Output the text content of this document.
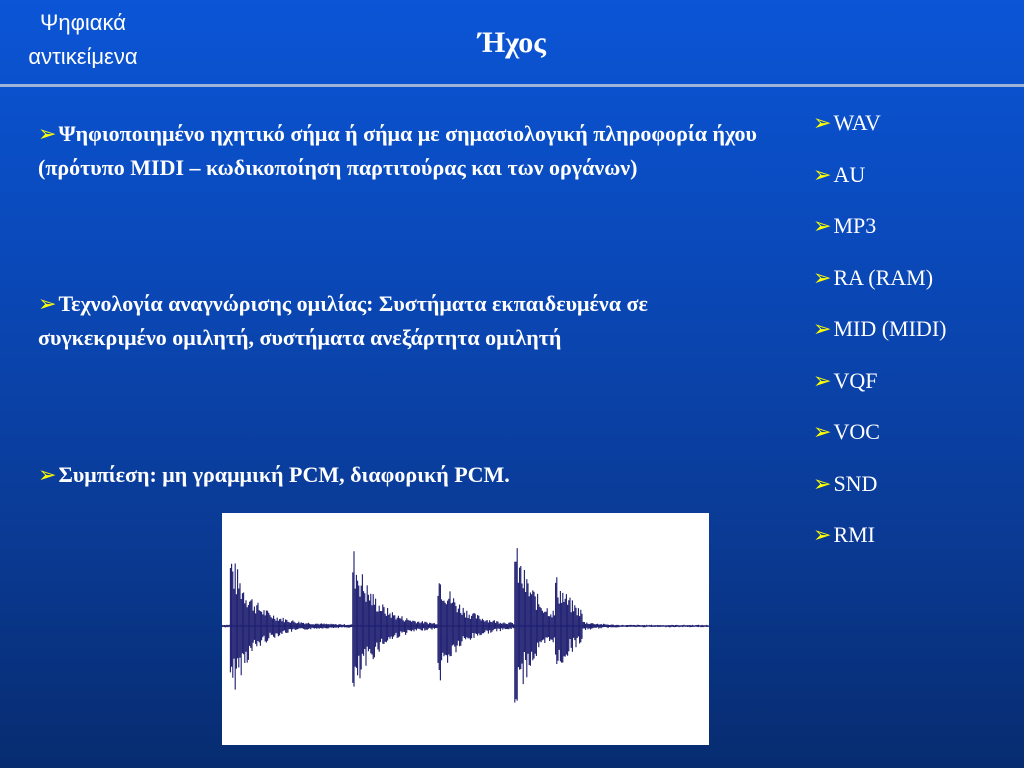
Ψηφιακά
αντικείμενα	Ήχος
➢Ψηφιοποιημένο ηχητικό σήμα ή σήμα με σημασιολογική πληροφορία ήχου (πρότυπο MIDI – κωδικοποίηση παρτιτούρας και των οργάνων)
➢Τεχνολογία αναγνώρισης ομιλίας: Συστήματα εκπαιδευμένα σε συγκεκριμένο ομιλητή, συστήματα ανεξάρτητα ομιλητή
➢Συμπίεση: μη γραμμική PCM, διαφορική PCM.
➢WAV
➢AU
➢MP3
➢RA (RAM)
➢MID (MIDI)
➢VQF
➢VOC
➢SND
➢RMI
